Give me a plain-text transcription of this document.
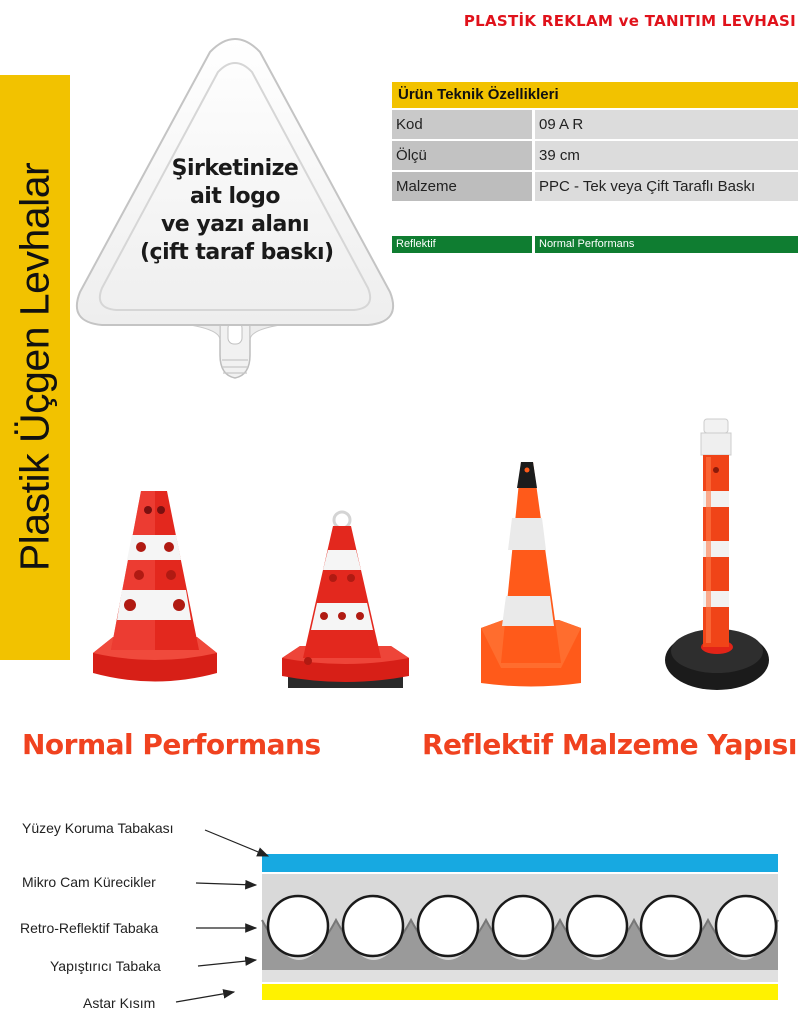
PLASTİK REKLAM ve TANITIM LEVHASI
Plastik Üçgen Levhalar	Şirketinize
ait logo
ve yazı alanı
(çift taraf baskı)
Ürün Teknik Özellikleri
Kod	09 A R
Ölçü	39 cm
Malzeme	PPC - Tek veya Çift Taraflı Baskı
Reflektif	Normal Performans
Normal Performans	Reflektif Malzeme Yapısı
Yüzey Koruma Tabakası
Mikro Cam Kürecikler
Retro-Reflektif Tabaka
Yapıştırıcı Tabaka
Astar Kısım
